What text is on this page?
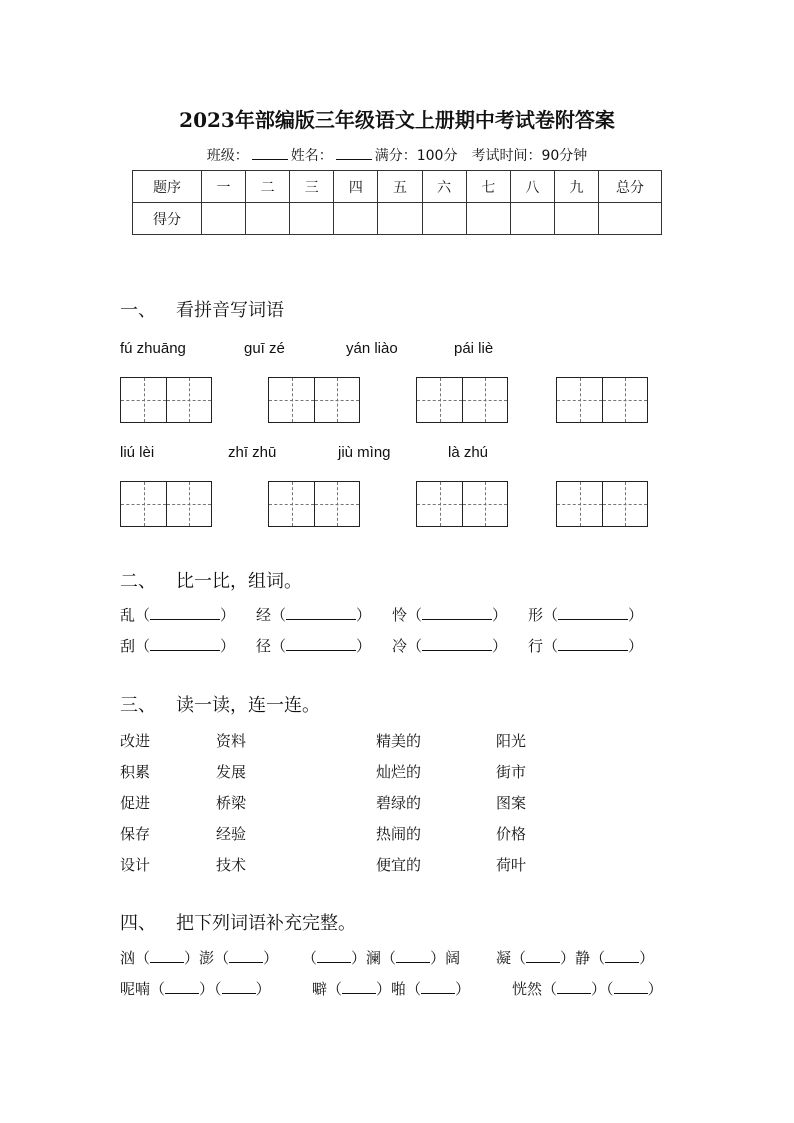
2023年部编版三年级语文上册期中考试卷附答案
班级：	姓名：	满分：100分 考试时间：90分钟
题序	一	二	三	四	五	六	七	八	九	总分
得分										
一、 看拼音写词语
fú zhuāng	guī zé	yán liào	pái liè
liú lèi	zhī zhū	jiù mìng	là zhú
二、 比一比，组词。
乱（	） 经（	） 怜（	） 形（	）
刮（	） 径（	） 冷（	） 行（	）
三、 读一读，连一连。
改进	资料	精美的	阳光
积累	发展	灿烂的	街市
促进	桥梁	碧绿的	图案
保存	经验	热闹的	价格
设计	技术	便宜的	荷叶
四、 把下列词语补充完整。
汹（ ）澎（ ） （ ）澜（ ）阔 凝（ ）静（ ）
呢喃（ ）（ ）	噼（ ）啪（ ）	恍然（ ）（ ）
